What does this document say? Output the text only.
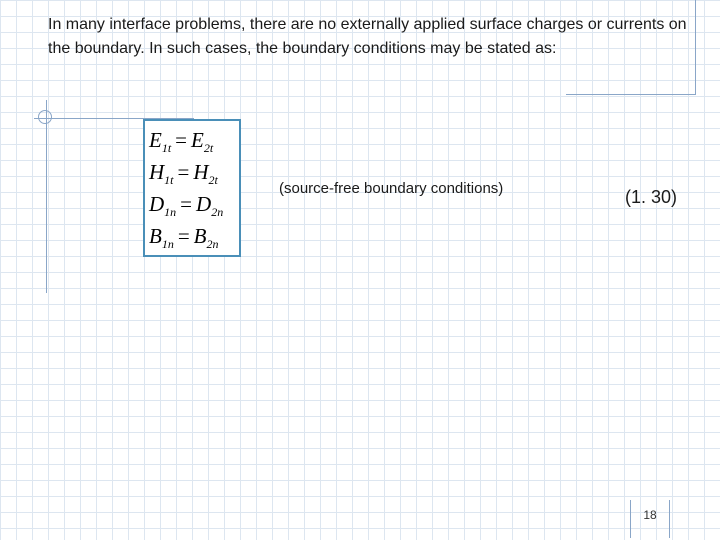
In many interface problems, there are no externally applied surface charges or currents on the boundary. In such cases, the boundary conditions may be stated as:

$E_{1t} = E_{2t}$
$H_{1t} = H_{2t}$
$D_{1n} = D_{2n}$
$B_{1n} = B_{2n}$
(source-free boundary conditions)	(1. 30)
18
